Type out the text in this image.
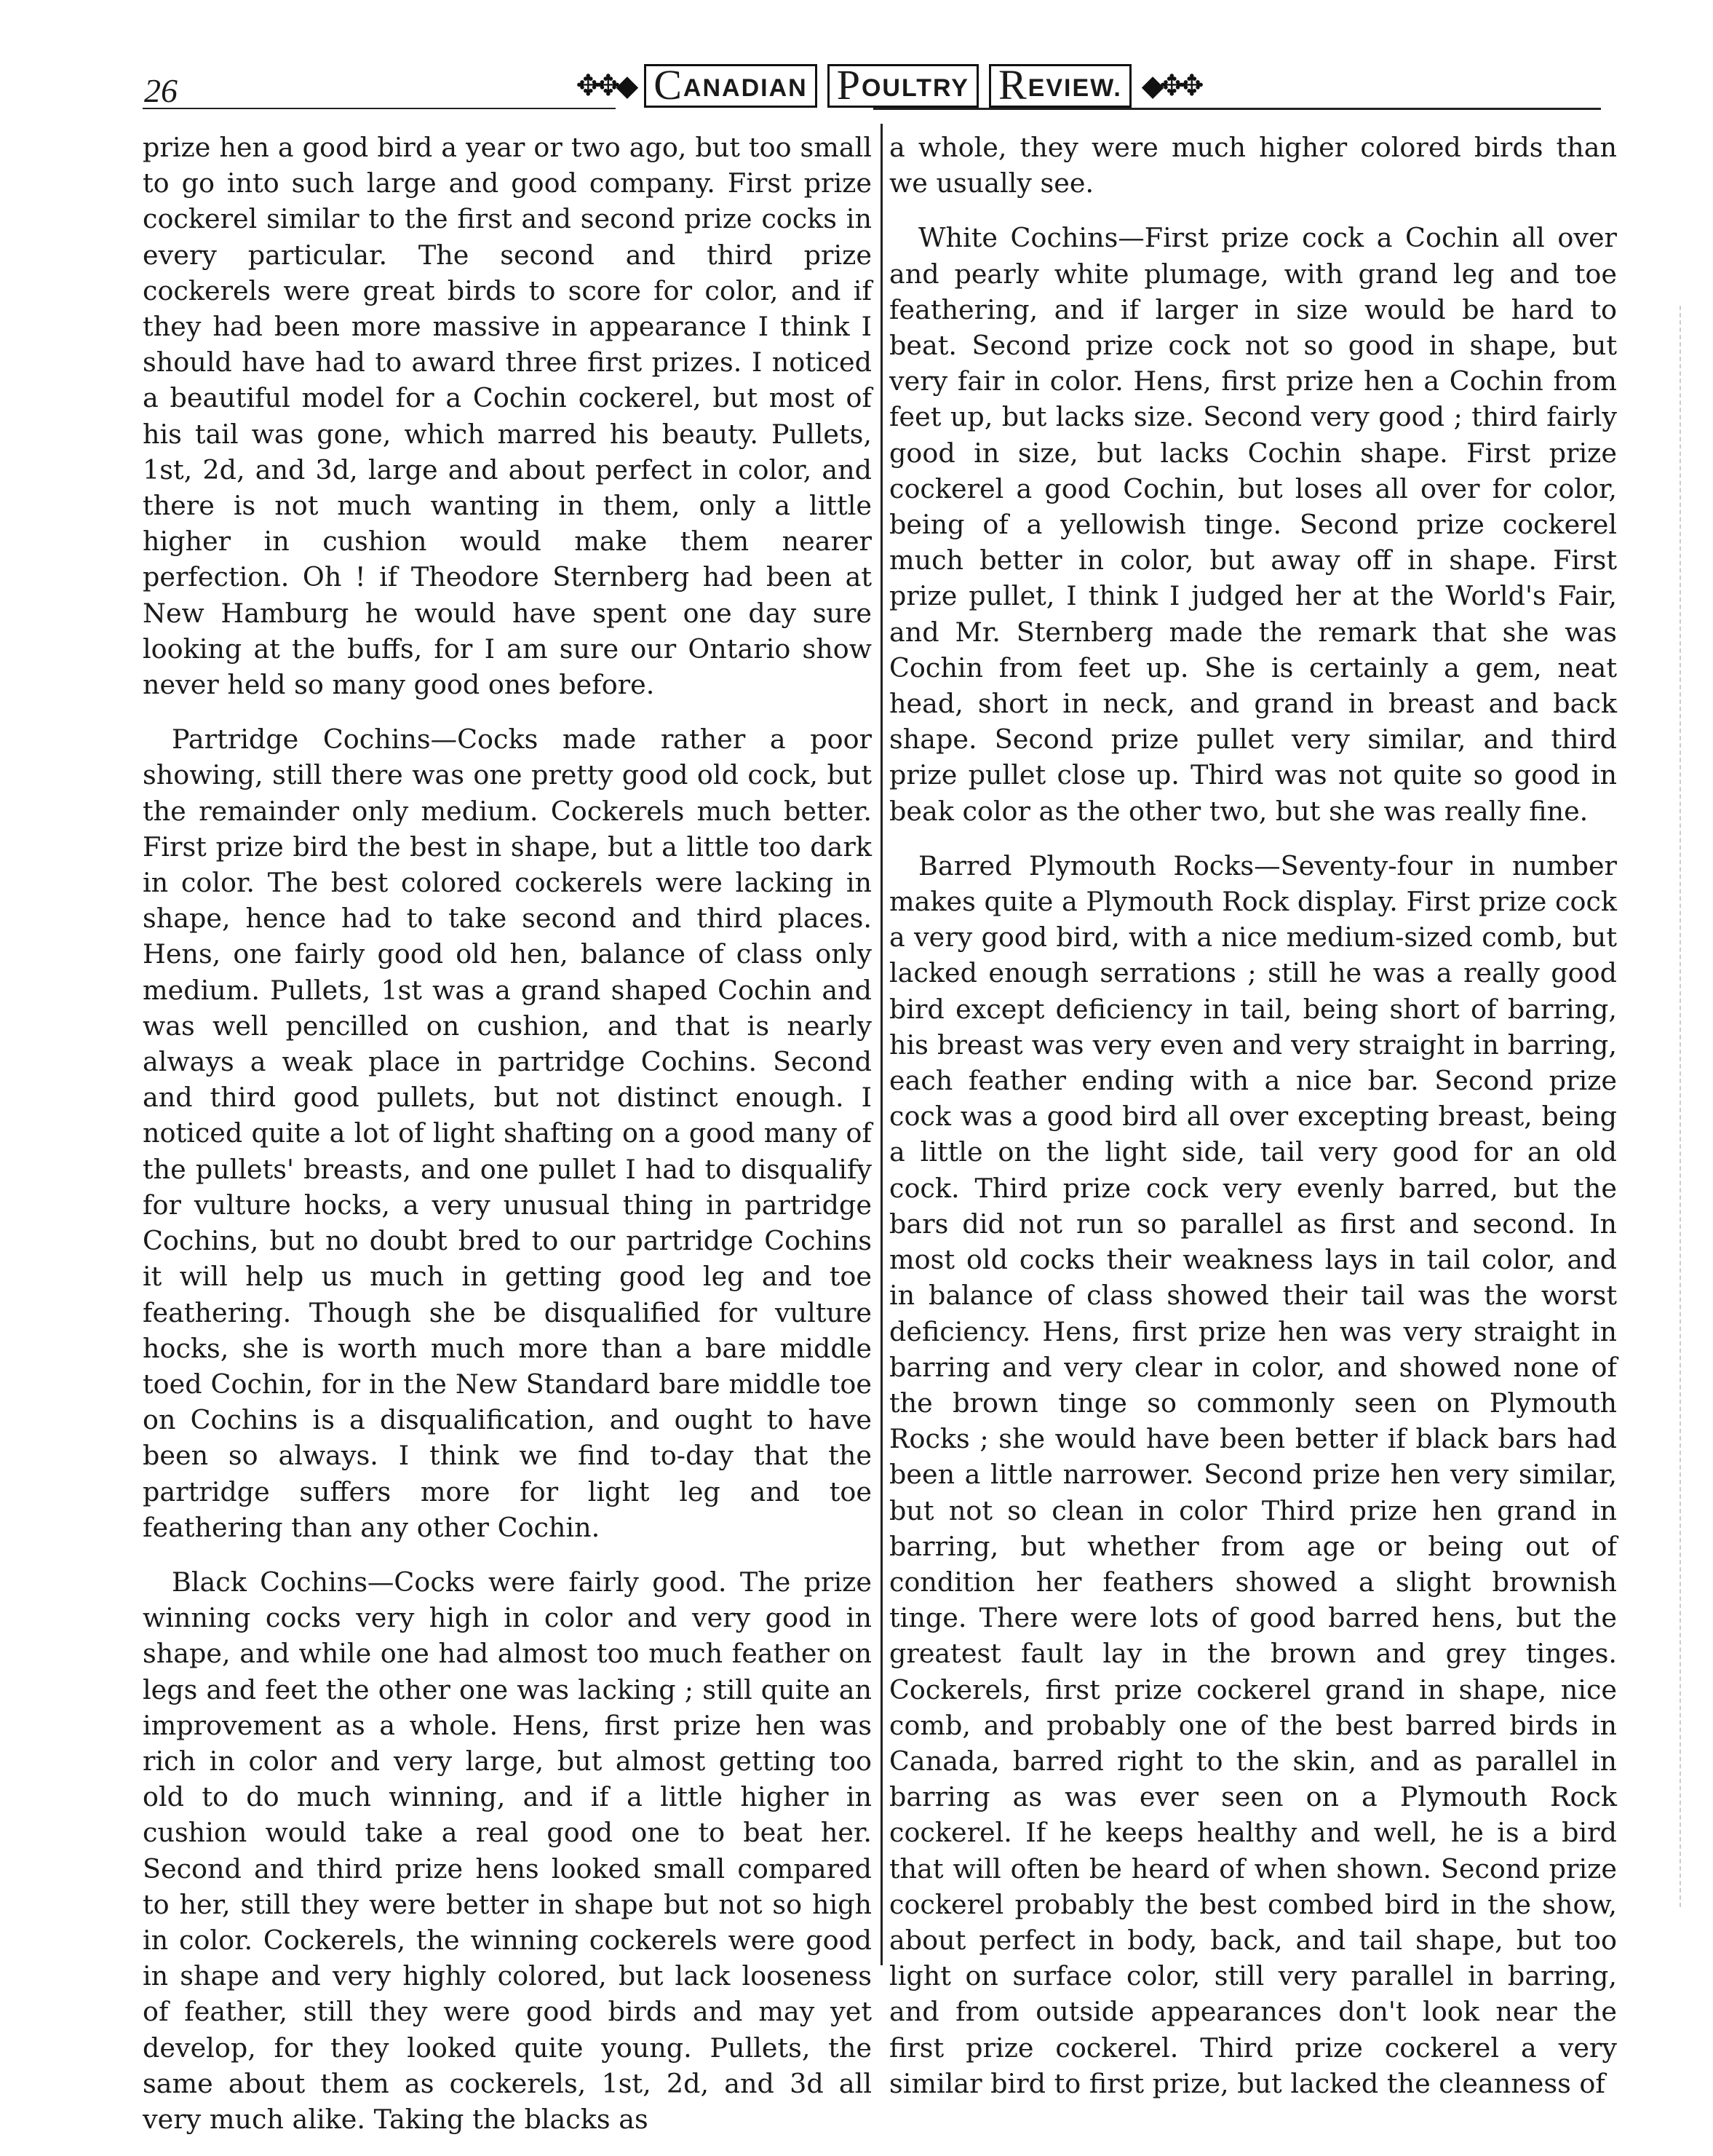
26	✥✥◆ CANADIAN POULTRY REVIEW. ◆✥✥

prize hen a good bird a year or two ago, but too small to go into such large and good company. First prize cockerel similar to the first and second prize cocks in every particular. The second and third prize cockerels were great birds to score for color, and if they had been more massive in appearance I think I should have had to award three first prizes. I noticed a beautiful model for a Cochin cockerel, but most of his tail was gone, which marred his beauty. Pullets, 1st, 2d, and 3d, large and about perfect in color, and there is not much wanting in them, only a little higher in cushion would make them nearer perfection. Oh ! if Theodore Sternberg had been at New Hamburg he would have spent one day sure looking at the buffs, for I am sure our Ontario show never held so many good ones before.

Partridge Cochins—Cocks made rather a poor showing, still there was one pretty good old cock, but the remainder only medium. Cockerels much better. First prize bird the best in shape, but a little too dark in color. The best colored cockerels were lacking in shape, hence had to take second and third places. Hens, one fairly good old hen, balance of class only medium. Pullets, 1st was a grand shaped Cochin and was well pencilled on cushion, and that is nearly always a weak place in partridge Cochins. Second and third good pullets, but not distinct enough. I noticed quite a lot of light shafting on a good many of the pullets' breasts, and one pullet I had to disqualify for vulture hocks, a very unusual thing in partridge Cochins, but no doubt bred to our partridge Cochins it will help us much in getting good leg and toe feathering. Though she be disqualified for vulture hocks, she is worth much more than a bare middle toed Cochin, for in the New Standard bare middle toe on Cochins is a disqualification, and ought to have been so always. I think we find to-day that the partridge suffers more for light leg and toe feathering than any other Cochin.

Black Cochins—Cocks were fairly good. The prize winning cocks very high in color and very good in shape, and while one had almost too much feather on legs and feet the other one was lacking ; still quite an improvement as a whole. Hens, first prize hen was rich in color and very large, but almost getting too old to do much winning, and if a little higher in cushion would take a real good one to beat her. Second and third prize hens looked small compared to her, still they were better in shape but not so high in color. Cockerels, the winning cockerels were good in shape and very highly colored, but lack looseness of feather, still they were good birds and may yet develop, for they looked quite young. Pullets, the same about them as cockerels, 1st, 2d, and 3d all very much alike. Taking the blacks as

a whole, they were much higher colored birds than we usually see.

White Cochins—First prize cock a Cochin all over and pearly white plumage, with grand leg and toe feathering, and if larger in size would be hard to beat. Second prize cock not so good in shape, but very fair in color. Hens, first prize hen a Cochin from feet up, but lacks size. Second very good ; third fairly good in size, but lacks Cochin shape. First prize cockerel a good Cochin, but loses all over for color, being of a yellowish tinge. Second prize cockerel much better in color, but away off in shape. First prize pullet, I think I judged her at the World's Fair, and Mr. Sternberg made the remark that she was Cochin from feet up. She is certainly a gem, neat head, short in neck, and grand in breast and back shape. Second prize pullet very similar, and third prize pullet close up. Third was not quite so good in beak color as the other two, but she was really fine.

Barred Plymouth Rocks—Seventy-four in number makes quite a Plymouth Rock display. First prize cock a very good bird, with a nice medium-sized comb, but lacked enough serrations ; still he was a really good bird except deficiency in tail, being short of barring, his breast was very even and very straight in barring, each feather ending with a nice bar. Second prize cock was a good bird all over excepting breast, being a little on the light side, tail very good for an old cock. Third prize cock very evenly barred, but the bars did not run so parallel as first and second. In most old cocks their weakness lays in tail color, and in balance of class showed their tail was the worst deficiency. Hens, first prize hen was very straight in barring and very clear in color, and showed none of the brown tinge so commonly seen on Plymouth Rocks ; she would have been better if black bars had been a little narrower. Second prize hen very similar, but not so clean in color Third prize hen grand in barring, but whether from age or being out of condition her feathers showed a slight brownish tinge. There were lots of good barred hens, but the greatest fault lay in the brown and grey tinges. Cockerels, first prize cockerel grand in shape, nice comb, and probably one of the best barred birds in Canada, barred right to the skin, and as parallel in barring as was ever seen on a Plymouth Rock cockerel. If he keeps healthy and well, he is a bird that will often be heard of when shown. Second prize cockerel probably the best combed bird in the show, about perfect in body, back, and tail shape, but too light on surface color, still very parallel in barring, and from outside appearances don't look near the first prize cockerel. Third prize cockerel a very similar bird to first prize, but lacked the cleanness of
